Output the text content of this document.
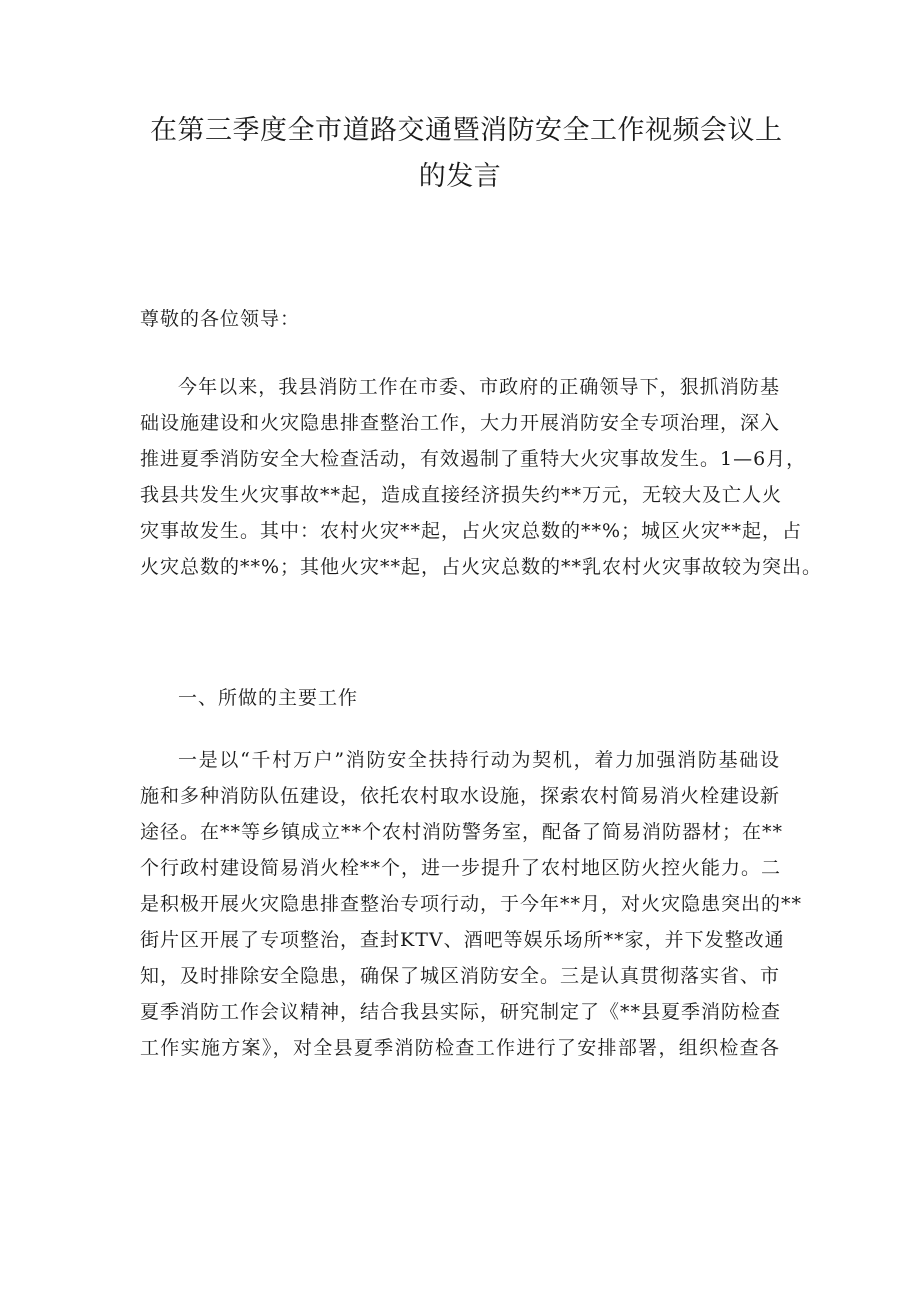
在第三季度全市道路交通暨消防安全工作视频会议上
的发言

尊敬的各位领导：

今年以来，我县消防工作在市委、市政府的正确领导下，狠抓消防基
础设施建设和火灾隐患排查整治工作，大力开展消防安全专项治理，深入
推进夏季消防安全大检查活动，有效遏制了重特大火灾事故发生。1—6月，
我县共发生火灾事故**起，造成直接经济损失约**万元，无较大及亡人火
灾事故发生。其中：农村火灾**起，占火灾总数的**%；城区火灾**起，占
火灾总数的**%；其他火灾**起，占火灾总数的**乳农村火灾事故较为突出。

一、所做的主要工作

一是以“千村万户”消防安全扶持行动为契机，着力加强消防基础设
施和多种消防队伍建设，依托农村取水设施，探索农村简易消火栓建设新
途径。在**等乡镇成立**个农村消防警务室，配备了简易消防器材；在**
个行政村建设简易消火栓**个，进一步提升了农村地区防火控火能力。二
是积极开展火灾隐患排查整治专项行动，于今年**月，对火灾隐患突出的**
街片区开展了专项整治，查封KTV、酒吧等娱乐场所**家，并下发整改通
知，及时排除安全隐患，确保了城区消防安全。三是认真贯彻落实省、市
夏季消防工作会议精神，结合我县实际，研究制定了《**县夏季消防检查
工作实施方案》，对全县夏季消防检查工作进行了安排部署，组织检查各
